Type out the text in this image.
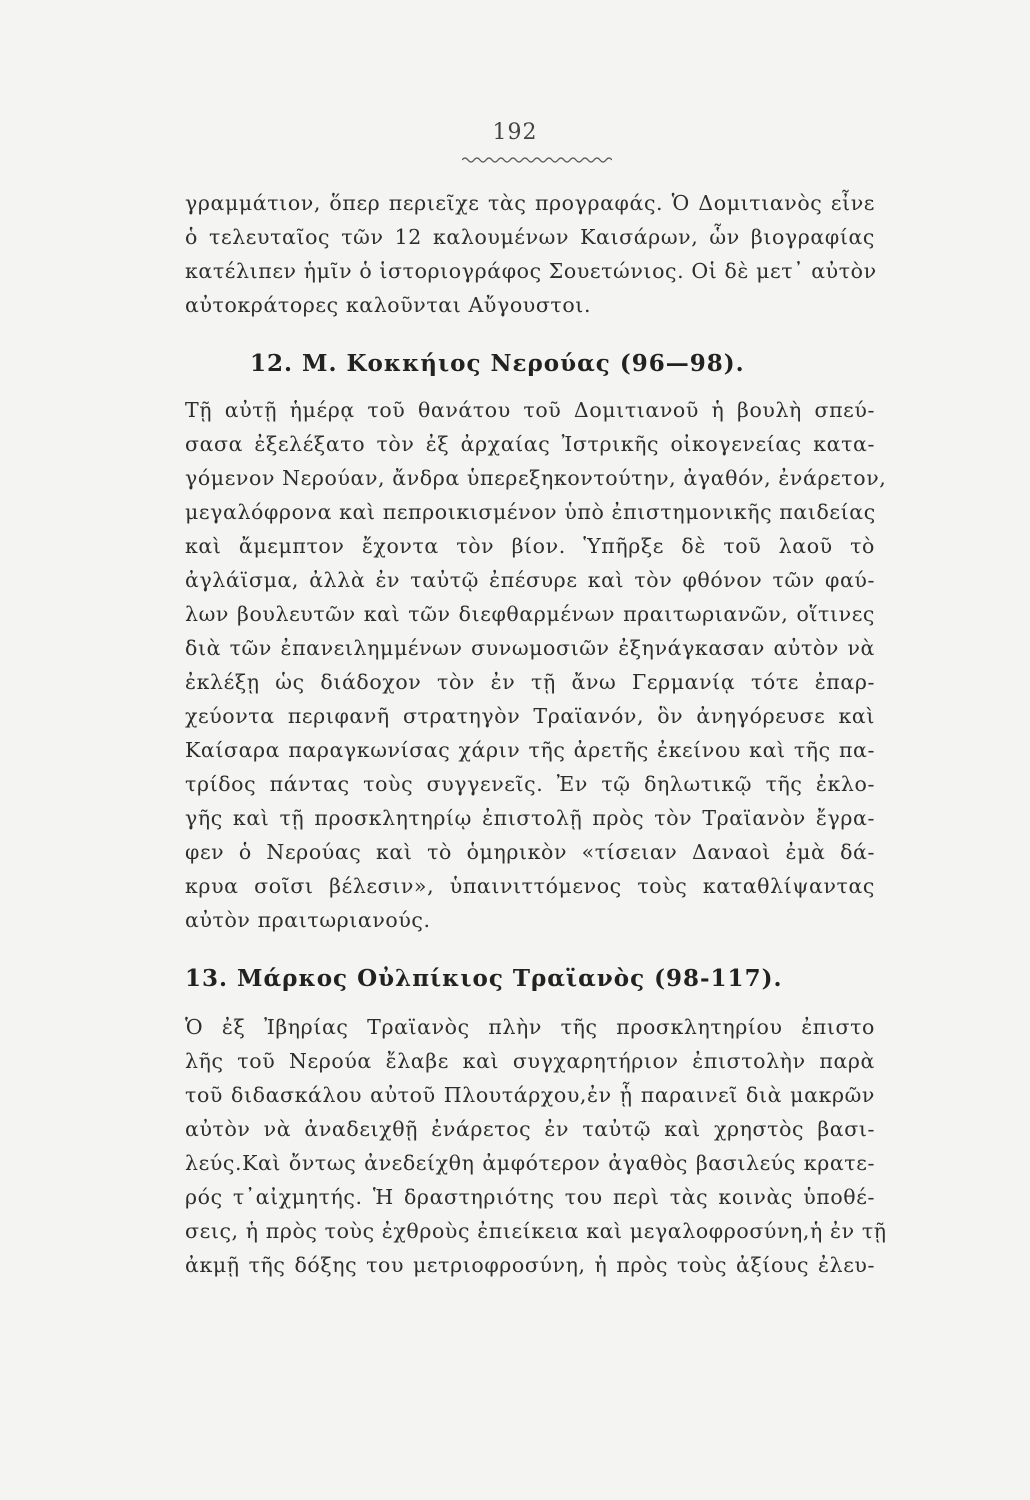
192
γραμμάτιον, ὅπερ περιεῖχε τὰς προγραφάς. Ὁ Δομιτιανὸς εἶνε
ὁ τελευταῖος τῶν 12 καλουμένων Καισάρων, ὧν βιογραφίας
κατέλιπεν ἡμῖν ὁ ἱστοριογράφος Σουετώνιος. Οἱ δὲ μετ᾽ αὐτὸν
αὐτοκράτορες καλοῦνται Αὔγουστοι.
12. Μ. Κοκκήιος Νερούας (96—98).
Τῇ αὐτῇ ἡμέρᾳ τοῦ θανάτου τοῦ Δομιτιανοῦ ἡ βουλὴ σπεύ-
σασα ἐξελέξατο τὸν ἐξ ἀρχαίας Ἰστρικῆς οἰκογενείας κατα-
γόμενον Νερούαν, ἄνδρα ὑπερεξηκοντούτην, ἀγαθόν, ἐνάρετον,
μεγαλόφρονα καὶ πεπροικισμένον ὑπὸ ἐπιστημονικῆς παιδείας
καὶ ἄμεμπτον ἔχοντα τὸν βίον. Ὑπῆρξε δὲ τοῦ λαοῦ τὸ
ἀγλάϊσμα, ἀλλὰ ἐν ταὐτῷ ἐπέσυρε καὶ τὸν φθόνον τῶν φαύ-
λων βουλευτῶν καὶ τῶν διεφθαρμένων πραιτωριανῶν, οἵτινες
διὰ τῶν ἐπανειλημμένων συνωμοσιῶν ἐξηνάγκασαν αὐτὸν νὰ
ἐκλέξῃ ὡς διάδοχον τὸν ἐν τῇ ἄνω Γερμανίᾳ τότε ἐπαρ-
χεύοντα περιφανῆ στρατηγὸν Τραϊανόν, ὃν ἀνηγόρευσε καὶ
Καίσαρα παραγκωνίσας χάριν τῆς ἀρετῆς ἐκείνου καὶ τῆς πα-
τρίδος πάντας τοὺς συγγενεῖς. Ἐν τῷ δηλωτικῷ τῆς ἐκλο-
γῆς καὶ τῇ προσκλητηρίῳ ἐπιστολῇ πρὸς τὸν Τραϊανὸν ἔγρα-
φεν ὁ Νερούας καὶ τὸ ὁμηρικὸν «τίσειαν Δαναοὶ ἐμὰ δά-
κρυα σοῖσι βέλεσιν», ὑπαινιττόμενος τοὺς καταθλίψαντας
αὐτὸν πραιτωριανούς.
13. Μάρκος Οὐλπίκιος Τραϊανὸς (98-117).
Ὁ ἐξ Ἰβηρίας Τραϊανὸς πλὴν τῆς προσκλητηρίου ἐπιστο
λῆς τοῦ Νερούα ἔλαβε καὶ συγχαρητήριον ἐπιστολὴν παρὰ
τοῦ διδασκάλου αὐτοῦ Πλουτάρχου,ἐν ᾗ παραινεῖ διὰ μακρῶν
αὐτὸν νὰ ἀναδειχθῇ ἐνάρετος ἐν ταὐτῷ καὶ χρηστὸς βασι-
λεύς.Καὶ ὄντως ἀνεδείχθη ἀμφότερον ἀγαθὸς βασιλεύς κρατε-
ρός τ᾽αἰχμητής. Ἡ δραστηριότης του περὶ τὰς κοινὰς ὑποθέ-
σεις, ἡ πρὸς τοὺς ἐχθροὺς ἐπιείκεια καὶ μεγαλοφροσύνη,ἡ ἐν τῇ
ἀκμῇ τῆς δόξης του μετριοφροσύνη, ἡ πρὸς τοὺς ἀξίους ἐλευ-
